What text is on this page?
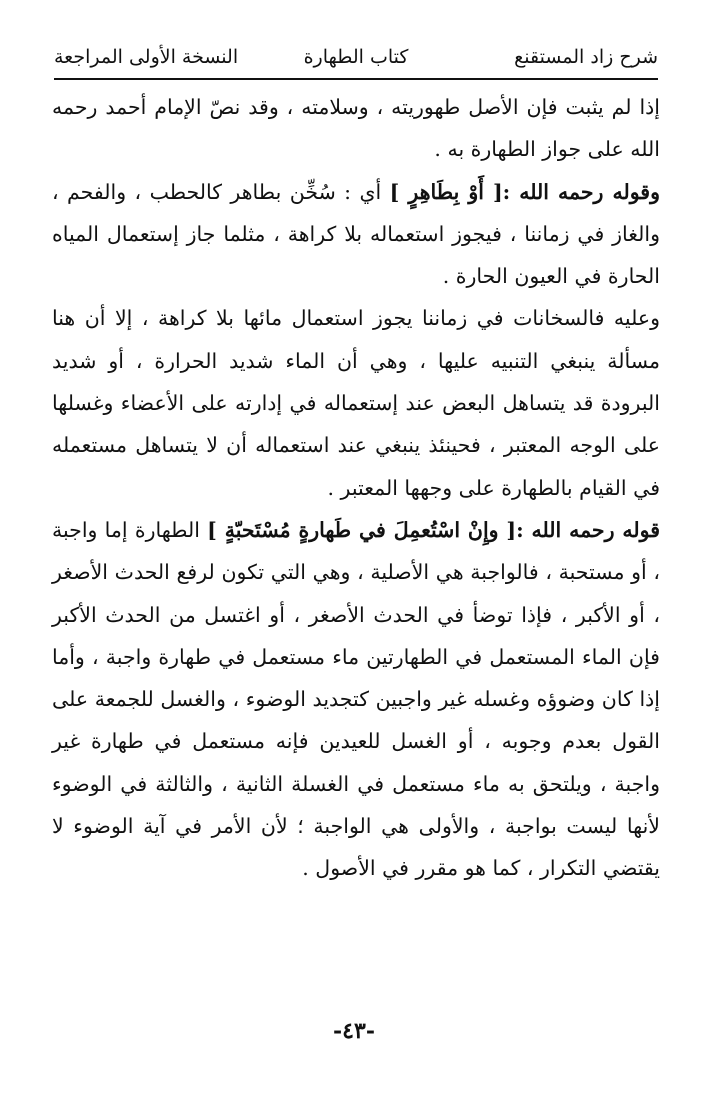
شرح زاد المستقنع
كتاب الطهارة
النسخة الأولى المراجعة

إذا لم يثبت فإن الأصل طهوريته ، وسلامته ، وقد نصّ الإمام أحمد رحمه الله على جواز الطهارة به .

وقوله رحمه الله :[ أَوْ بِطَاهِرٍ ] أي : سُخِّن بطاهر كالحطب ، والفحم ، والغاز في زماننا ، فيجوز استعماله بلا كراهة ، مثلما جاز إستعمال المياه الحارة في العيون الحارة .

وعليه فالسخانات في زماننا يجوز استعمال مائها بلا كراهة ، إلا أن هنا مسألة ينبغي التنبيه عليها ، وهي أن الماء شديد الحرارة ، أو شديد البرودة قد يتساهل البعض عند إستعماله في إدارته على الأعضاء وغسلها على الوجه المعتبر ، فحينئذ ينبغي عند استعماله أن لا يتساهل مستعمله في القيام بالطهارة على وجهها المعتبر .

قوله رحمه الله :[ وإِنْ اسْتُعمِلَ في طَهارةٍ مُسْتَحبّةٍ ] الطهارة إما واجبة ، أو مستحبة ، فالواجبة هي الأصلية ، وهي التي تكون لرفع الحدث الأصغر ، أو الأكبر ، فإذا توضأ في الحدث الأصغر ، أو اغتسل من الحدث الأكبر فإن الماء المستعمل في الطهارتين ماء مستعمل في طهارة واجبة ، وأما إذا كان وضوؤه وغسله غير واجبين كتجديد الوضوء ، والغسل للجمعة على القول بعدم وجوبه ، أو الغسل للعيدين فإنه مستعمل في طهارة غير واجبة ، ويلتحق به ماء مستعمل في الغسلة الثانية ، والثالثة في الوضوء لأنها ليست بواجبة ، والأولى هي الواجبة ؛ لأن الأمر في آية الوضوء لا يقتضي التكرار ، كما هو مقرر في الأصول .

-٤٣-
